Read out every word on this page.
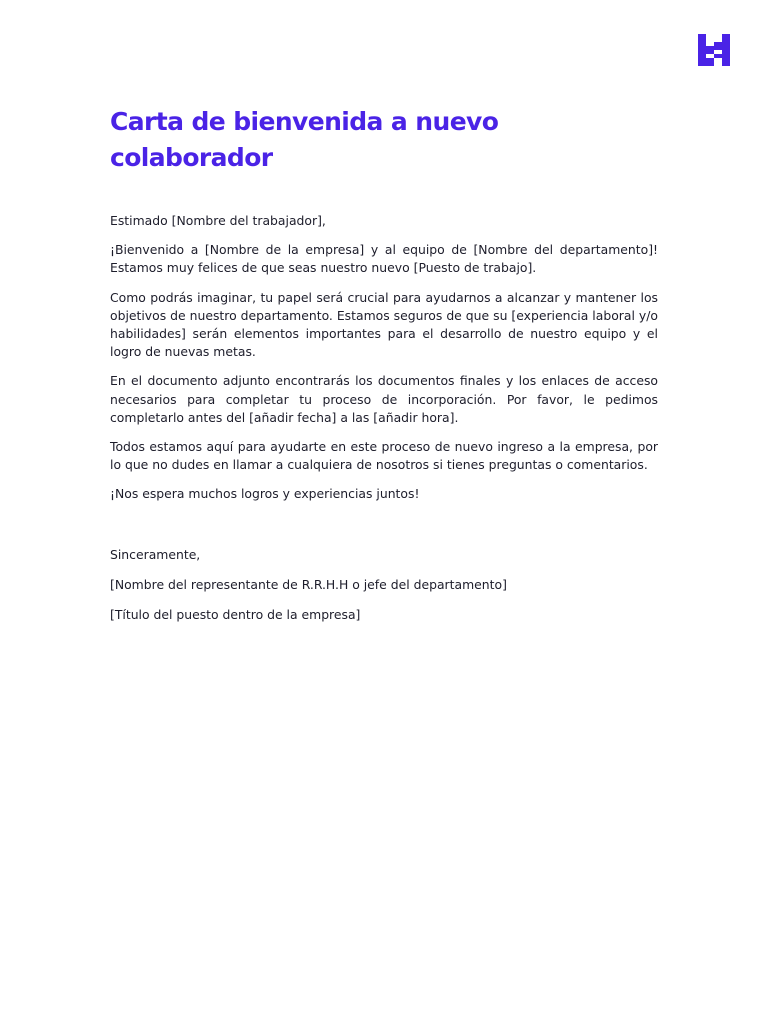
Carta de bienvenida a nuevo colaborador

Estimado [Nombre del trabajador],

¡Bienvenido a [Nombre de la empresa] y al equipo de [Nombre del departamento]! Estamos muy felices de que seas nuestro nuevo [Puesto de trabajo].

Como podrás imaginar, tu papel será crucial para ayudarnos a alcanzar y mantener los objetivos de nuestro departamento. Estamos seguros de que su [experiencia laboral y/o habilidades] serán elementos importantes para el desarrollo de nuestro equipo y el logro de nuevas metas.

En el documento adjunto encontrarás los documentos finales y los enlaces de acceso necesarios para completar tu proceso de incorporación. Por favor, le pedimos completarlo antes del [añadir fecha] a las [añadir hora].

Todos estamos aquí para ayudarte en este proceso de nuevo ingreso a la empresa, por lo que no dudes en llamar a cualquiera de nosotros si tienes preguntas o comentarios.

¡Nos espera muchos logros y experiencias juntos!

Sinceramente,

[Nombre del representante de R.R.H.H o jefe del departamento]

[Título del puesto dentro de la empresa]
